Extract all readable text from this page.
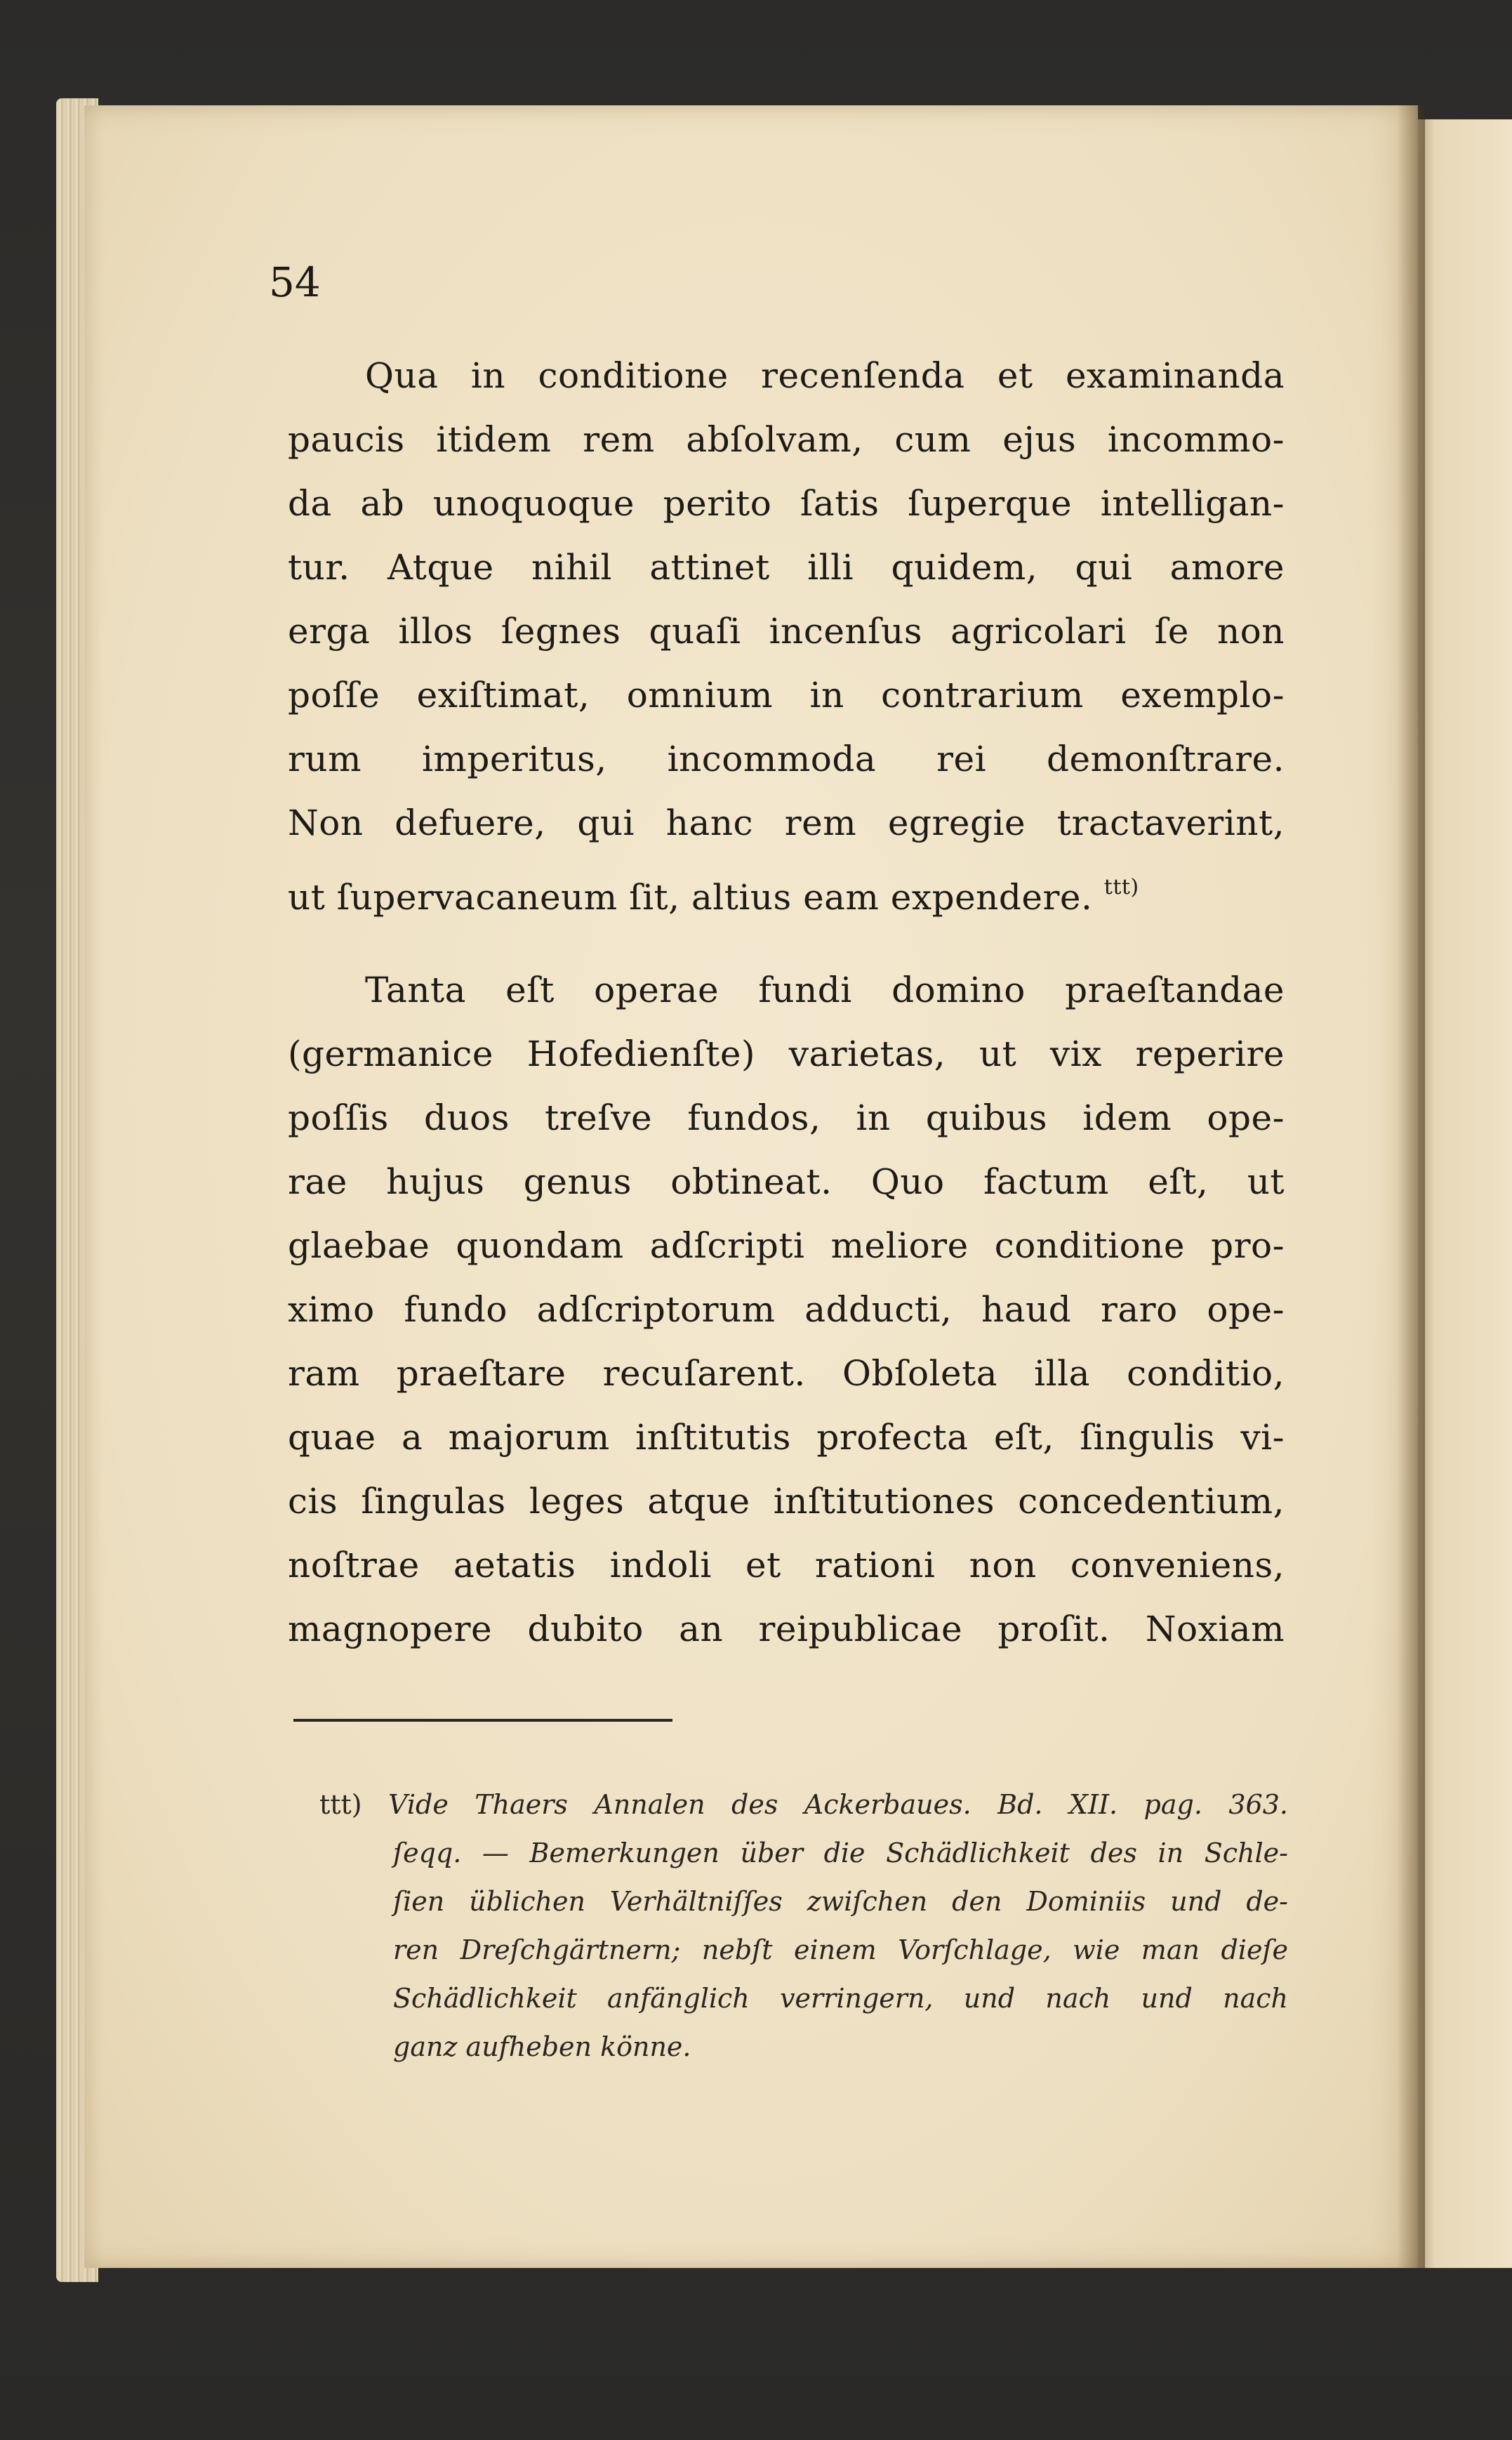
54
Qua in conditione recenſenda et examinanda
paucis itidem rem abſolvam, cum ejus incommo-
da ab unoquoque perito ſatis ſuperque intelligan-
tur. Atque nihil attinet illi quidem, qui amore
erga illos ſegnes quaſi incenſus agricolari ſe non
poſſe exiſtimat, omnium in contrarium exemplo-
rum imperitus, incommoda rei demonſtrare.
Non defuere, qui hanc rem egregie tractaverint,
ut ſupervacaneum ſit, altius eam expendere. $^{ttt)}$
Tanta eſt operae fundi domino praeſtandae
(germanice Hofedienſte) varietas, ut vix reperire
poſſis duos treſve fundos, in quibus idem ope-
rae hujus genus obtineat. Quo factum eſt, ut
glaebae quondam adſcripti meliore conditione pro-
ximo fundo adſcriptorum adducti, haud raro ope-
ram praeſtare recuſarent. Obſoleta illa conditio,
quae a majorum inſtitutis profecta eſt, ſingulis vi-
cis ſingulas leges atque inſtitutiones concedentium,
noſtrae aetatis indoli et rationi non conveniens,
magnopere dubito an reipublicae proſit. Noxiam
ttt) Vide Thaers Annalen des Ackerbaues. Bd. XII. pag. 363.
ſeqq. — Bemerkungen über die Schädlichkeit des in Schle-
ſien üblichen Verhältniſſes zwiſchen den Dominiis und de-
ren Dreſchgärtnern; nebſt einem Vorſchlage, wie man dieſe
Schädlichkeit anfänglich verringern, und nach und nach
ganz aufheben könne.
